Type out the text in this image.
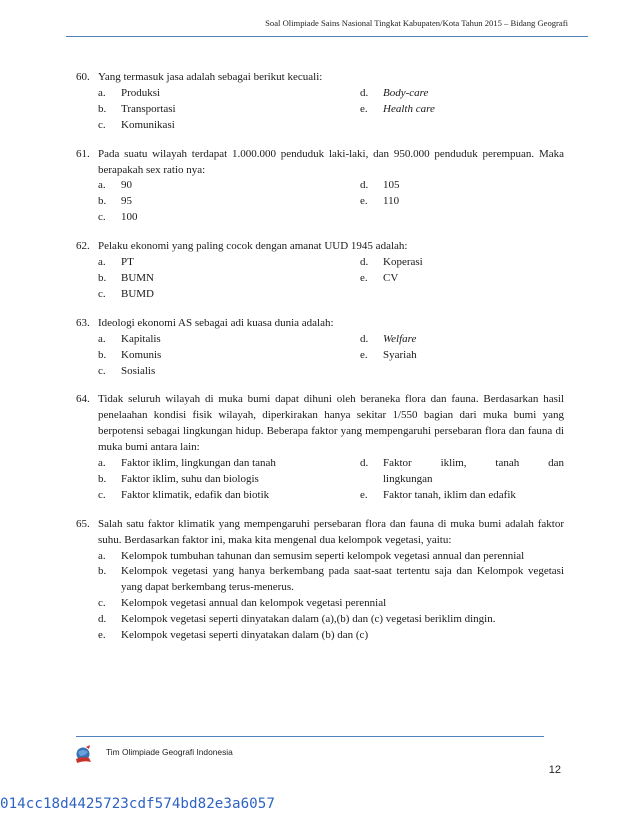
Soal Olimpiade Sains Nasional Tingkat Kabupaten/Kota Tahun 2015 – Bidang Geografi
60. Yang termasuk jasa adalah sebagai berikut kecuali:
a.	Produksi
b.	Transportasi
c.	Komunikasi
d.	Body-care
e.	Health care
61. Pada suatu wilayah terdapat 1.000.000 penduduk laki-laki, dan 950.000 penduduk perempuan. Maka berapakah sex ratio nya:
a.	90
b.	95
c.	100
d.	105
e.	110
62. Pelaku ekonomi yang paling cocok dengan amanat UUD 1945 adalah:
a.	PT
b.	BUMN
c.	BUMD
d.	Koperasi
e.	CV
63. Ideologi ekonomi AS sebagai adi kuasa dunia adalah:
a.	Kapitalis
b.	Komunis
c.	Sosialis
d.	Welfare
e.	Syariah
64. Tidak seluruh wilayah di muka bumi dapat dihuni oleh beraneka flora dan fauna. Berdasarkan hasil penelaahan kondisi fisik wilayah, diperkirakan hanya sekitar 1/550 bagian dari muka bumi yang berpotensi sebagai lingkungan hidup. Beberapa faktor yang mempengaruhi persebaran flora dan fauna di muka bumi antara lain:
a.	Faktor iklim, lingkungan dan tanah
b.	Faktor iklim, suhu dan biologis
c.	Faktor klimatik, edafik dan biotik
d.	Faktor	iklim,	tanah	dan
lingkungan
e.	Faktor tanah, iklim dan edafik
65. Salah satu faktor klimatik yang mempengaruhi persebaran flora dan fauna di muka bumi adalah faktor suhu. Berdasarkan faktor ini, maka kita mengenal dua kelompok vegetasi, yaitu:
a.	Kelompok tumbuhan tahunan dan semusim seperti kelompok vegetasi annual dan perennial
b.	Kelompok vegetasi yang hanya berkembang pada saat-saat tertentu saja dan Kelompok vegetasi yang dapat berkembang terus-menerus.
c.	Kelompok vegetasi annual dan kelompok vegetasi perennial
d.	Kelompok vegetasi seperti dinyatakan dalam (a),(b) dan (c) vegetasi beriklim dingin.
e.	Kelompok vegetasi seperti dinyatakan dalam (b) dan (c)
Tim Olimpiade Geografi Indonesia
12
014cc18d4425723cdf574bd82e3a6057
